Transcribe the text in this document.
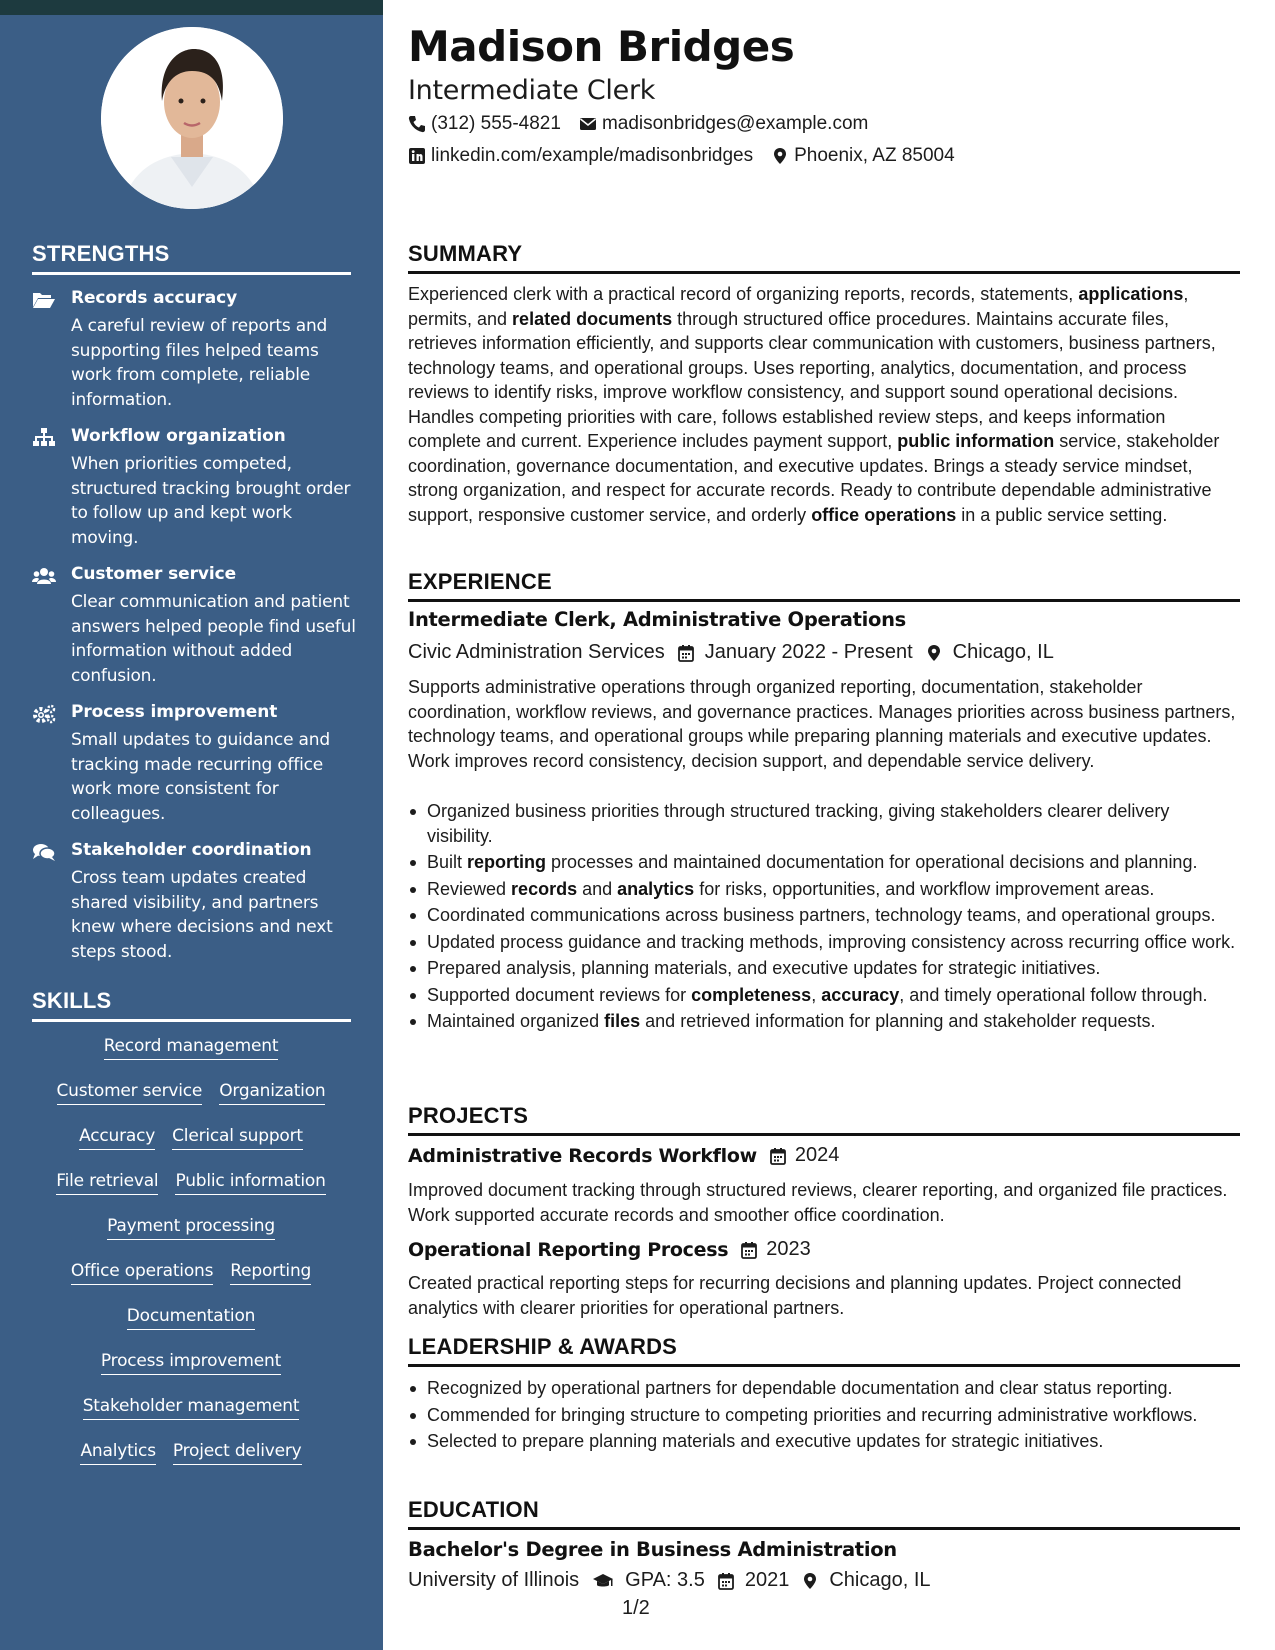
STRENGTHS
Records accuracy
A careful review of reports and supporting files helped teams work from complete, reliable information.
Workflow organization
When priorities competed, structured tracking brought order to follow up and kept work moving.
Customer service
Clear communication and patient answers helped people find useful information without added confusion.
Process improvement
Small updates to guidance and tracking made recurring office work more consistent for colleagues.
Stakeholder coordination
Cross team updates created shared visibility, and partners knew where decisions and next steps stood.
SKILLS
Record management
Customer service Organization
Accuracy Clerical support
File retrieval Public information
Payment processing
Office operations Reporting
Documentation
Process improvement
Stakeholder management
Analytics Project delivery
Madison Bridges
Intermediate Clerk
(312) 555-4821 madisonbridges@example.com
linkedin.com/example/madisonbridges Phoenix, AZ 85004
SUMMARY

Experienced clerk with a practical record of organizing reports, records, statements, applications, permits, and related documents through structured office procedures. Maintains accurate files, retrieves information efficiently, and supports clear communication with customers, business partners, technology teams, and operational groups. Uses reporting, analytics, documentation, and process reviews to identify risks, improve workflow consistency, and support sound operational decisions. Handles competing priorities with care, follows established review steps, and keeps information complete and current. Experience includes payment support, public information service, stakeholder coordination, governance documentation, and executive updates. Brings a steady service mindset, strong organization, and respect for accurate records. Ready to contribute dependable administrative support, responsive customer service, and orderly office operations in a public service setting.

EXPERIENCE
Intermediate Clerk, Administrative Operations
Civic Administration Services January 2022 - Present Chicago, IL

Supports administrative operations through organized reporting, documentation, stakeholder coordination, workflow reviews, and governance practices. Manages priorities across business partners, technology teams, and operational groups while preparing planning materials and executive updates. Work improves record consistency, decision support, and dependable service delivery.

Organized business priorities through structured tracking, giving stakeholders clearer delivery visibility.
Built reporting processes and maintained documentation for operational decisions and planning.
Reviewed records and analytics for risks, opportunities, and workflow improvement areas.
Coordinated communications across business partners, technology teams, and operational groups.
Updated process guidance and tracking methods, improving consistency across recurring office work.
Prepared analysis, planning materials, and executive updates for strategic initiatives.
Supported document reviews for completeness, accuracy, and timely operational follow through.
Maintained organized files and retrieved information for planning and stakeholder requests.
PROJECTS
Administrative Records Workflow 2024

Improved document tracking through structured reviews, clearer reporting, and organized file practices. Work supported accurate records and smoother office coordination.

Operational Reporting Process 2023

Created practical reporting steps for recurring decisions and planning updates. Project connected analytics with clearer priorities for operational partners.

LEADERSHIP & AWARDS
Recognized by operational partners for dependable documentation and clear status reporting.
Commended for bringing structure to competing priorities and recurring administrative workflows.
Selected to prepare planning materials and executive updates for strategic initiatives.
EDUCATION
Bachelor's Degree in Business Administration
University of Illinois GPA: 3.5 2021 Chicago, IL
1/2
